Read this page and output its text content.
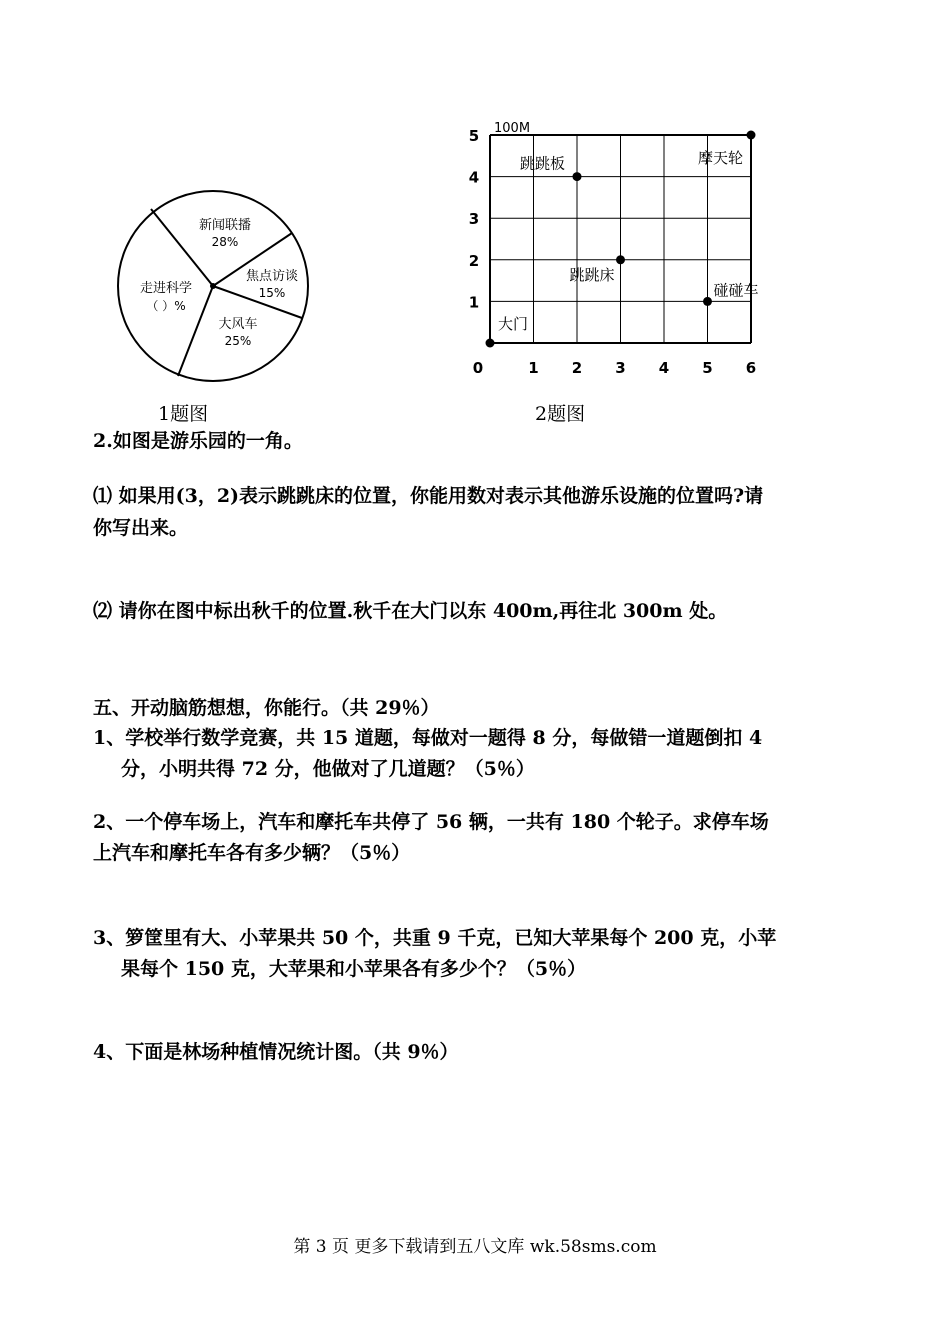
新闻联播
28%
焦点访谈
15%
大风车
25%
走进科学
（ ）%
100M
0	1 2 3 4 5 6
1
2
3
4
5
跳跳板	摩天轮
跳跳床
碰碰车
大门
1题图	2题图
2.如图是游乐园的一角。
⑴ 如果用(3，2)表示跳跳床的位置，你能用数对表示其他游乐设施的位置吗?请
你写出来。
⑵ 请你在图中标出秋千的位置.秋千在大门以东 400m,再往北 300m 处。
五、开动脑筋想想，你能行。（共 29％）
1、学校举行数学竞赛，共 15 道题，每做对一题得 8 分，每做错一道题倒扣 4
分，小明共得 72 分，他做对了几道题？（5％）
2、一个停车场上，汽车和摩托车共停了 56 辆，一共有 180 个轮子。求停车场
上汽车和摩托车各有多少辆？（5％）
3、箩筐里有大、小苹果共 50 个，共重 9 千克，已知大苹果每个 200 克，小苹
果每个 150 克，大苹果和小苹果各有多少个？（5％）
4、下面是林场种植情况统计图。（共 9％）
第 3 页 更多下载请到五八文库 wk.58sms.com
